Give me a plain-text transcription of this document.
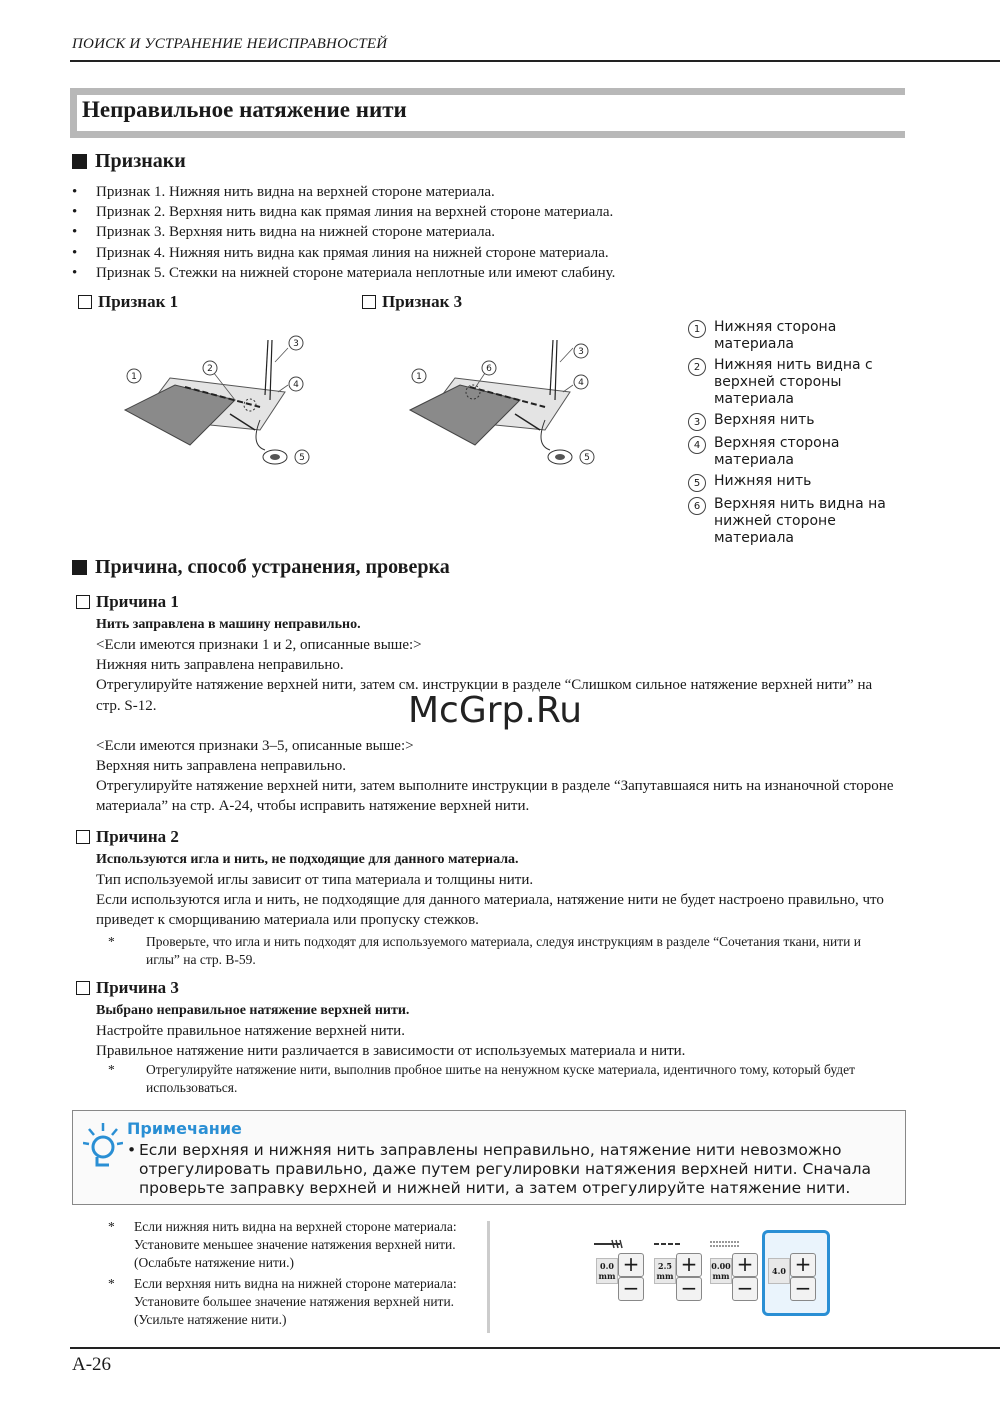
ПОИСК И УСТРАНЕНИЕ НЕИСПРАВНОСТЕЙ
Неправильное натяжение нити
Признаки
•	Признак 1. Нижняя нить видна на верхней стороне материала.
•	Признак 2. Верхняя нить видна как прямая линия на верхней стороне материала.
•	Признак 3. Верхняя нить видна на нижней стороне материала.
•	Признак 4. Нижняя нить видна как прямая линия на нижней стороне материала.
•	Признак 5. Стежки на нижней стороне материала неплотные или имеют слабину.
Признак 1	Признак 3
1
2
3
4
5
1
6
3
4
5
1 Нижняя сторона материала
2 Нижняя нить видна с верхней стороны материала
3 Верхняя нить
4 Верхняя сторона материала
5 Нижняя нить
6 Верхняя нить видна на нижней стороне материала
Причина, способ устранения, проверка
Причина 1
Нить заправлена в машину неправильно.
<Если имеются признаки 1 и 2, описанные выше:>
Нижняя нить заправлена неправильно.
Отрегулируйте натяжение верхней нити, затем см. инструкции в разделе “Слишком сильное натяжение верхней нити” на стр. S-12.
<Если имеются признаки 3–5, описанные выше:>
Верхняя нить заправлена неправильно.
Отрегулируйте натяжение верхней нити, затем выполните инструкции в разделе “Запутавшаяся нить на изнаночной стороне материала” на стр. A-24, чтобы исправить натяжение верхней нити.
Причина 2
Используются игла и нить, не подходящие для данного материала.
Тип используемой иглы зависит от типа материала и толщины нити.
Если используются игла и нить, не подходящие для данного материала, натяжение нити не будет настроено правильно, что приведет к сморщиванию материала или пропуску стежков.
*	Проверьте, что игла и нить подходят для используемого материала, следуя инструкциям в разделе “Сочетания ткани, нити и иглы” на стр. B-59.
Причина 3
Выбрано неправильное натяжение верхней нити.
Настройте правильное натяжение верхней нити.
Правильное натяжение нити различается в зависимости от используемых материала и нити.
*	Отрегулируйте натяжение нити, выполнив пробное шитье на ненужном куске материала, идентичного тому, который будет использоваться.
Примечание
• Если верхняя и нижняя нить заправлены неправильно, натяжение нити невозможно отрегулировать правильно, даже путем регулировки натяжения верхней нити. Сначала проверьте заправку верхней и нижней нити, а затем отрегулируйте натяжение нити.
*	Если нижняя нить видна на верхней стороне материала: Установите меньшее значение натяжения верхней нити. (Ослабьте натяжение нити.)
*	Если верхняя нить видна на нижней стороне материала: Установите большее значение натяжения верхней нити. (Усильте натяжение нити.)
0.0
mm +
−
2.5
mm +
−
0.00
mm +
−
4.0 +
−
McGrp.Ru
A-26
